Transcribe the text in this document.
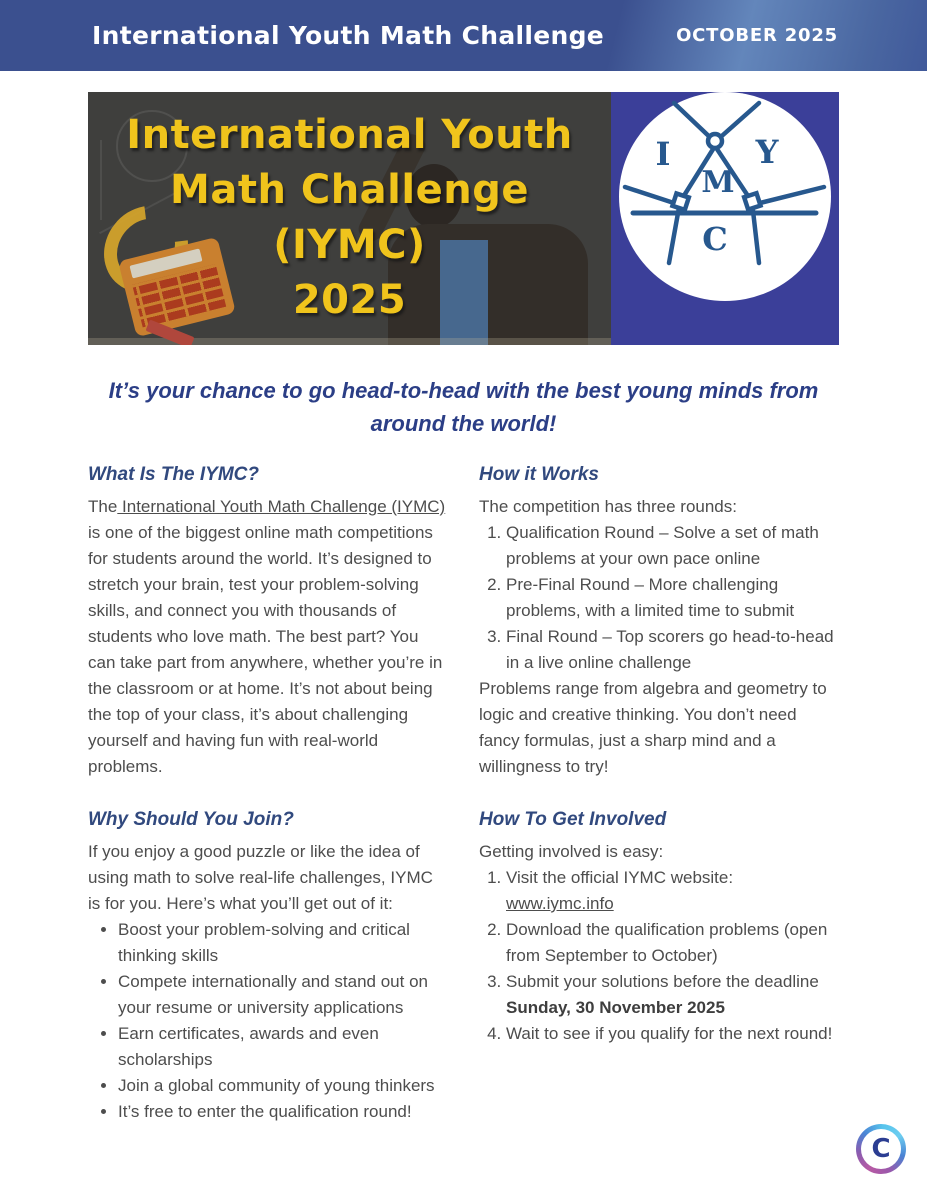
International Youth Math Challenge	OCTOBER 2025
International Youth
Math Challenge
(IYMC)
2025
I	Y
M
C
It’s your chance to go head-to-head with the best young minds from around the world!
What Is The IYMC?

The International Youth Math Challenge (IYMC) is one of the biggest online math competitions for students around the world. It’s designed to stretch your brain, test your problem-solving skills, and connect you with thousands of students who love math. The best part? You can take part from anywhere, whether you’re in the classroom or at home. It’s not about being the top of your class, it’s about challenging yourself and having fun with real-world problems.

Why Should You Join?

If you enjoy a good puzzle or like the idea of using math to solve real-life challenges, IYMC is for you. Here’s what you’ll get out of it:

• Boost your problem-solving and critical thinking skills
• Compete internationally and stand out on your resume or university applications
• Earn certificates, awards and even scholarships
• Join a global community of young thinkers
• It’s free to enter the qualification round!
How it Works

The competition has three rounds:

1. Qualification Round – Solve a set of math problems at your own pace online
2. Pre-Final Round – More challenging problems, with a limited time to submit
3. Final Round – Top scorers go head-to-head in a live online challenge

Problems range from algebra and geometry to logic and creative thinking. You don’t need fancy formulas, just a sharp mind and a willingness to try!

How To Get Involved

Getting involved is easy:

1. Visit the official IYMC website: www.iymc.info
2. Download the qualification problems (open from September to October)
3. Submit your solutions before the deadline Sunday, 30 November 2025
4. Wait to see if you qualify for the next round!
C
